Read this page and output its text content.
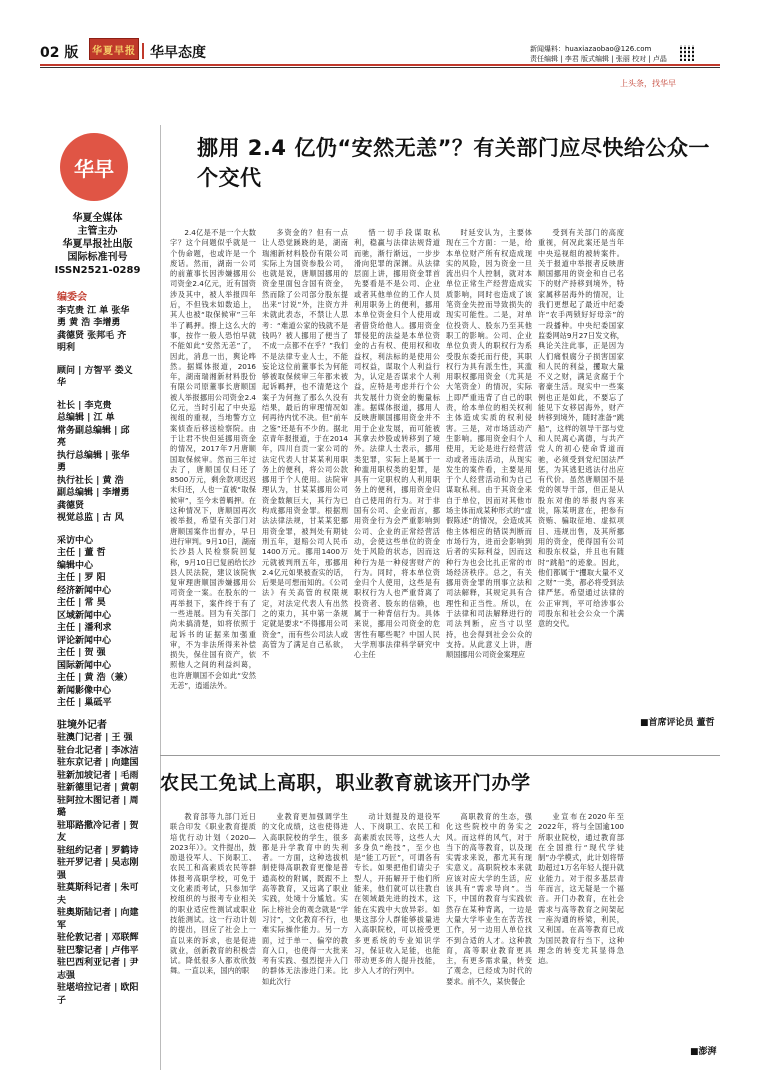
02 版	华夏早报 华早态度	新闻爆料：huaxiazaobao@126.com
责任编辑 | 李君 版式编辑 | 张丽 校对 | 卢晶
上头条，找华早
华早
华夏全媒体
主管主办
华夏早报社出版
国际标准刊号
ISSN2521-0289
编委会
李克贵 江 单 张华
勇 黄 浩 李增勇
龚德贤 张邦毛 齐
明利
顾问 | 方智平 娄义
华
社长 | 李克贵
总编辑 | 江 单
常务副总编辑 | 邱
亮
执行总编辑 | 张华
勇
执行社长 | 黄 浩
副总编辑 | 李增勇
龚德贤
视觉总监 | 古 风
采访中心
主任 | 董 哲
编辑中心
主任 | 罗 阳
经济新闻中心
主任 | 常 昊
区域新闻中心
主任 | 潘利求
评论新闻中心
主任 | 贺 强
国际新闻中心
主任 | 黄 浩（兼）
新闻影像中心
主任 | 巢砥平
驻境外记者
驻澳门记者 | 王 强
驻台北记者 | 李冰洁
驻东京记者 | 向建国
驻新加坡记者 | 毛雨
驻新德里记者 | 黄朝
驻阿拉木图记者 | 周
璐
驻耶路撒冷记者 | 贺
友
驻纽约记者 | 罗鹤诗
驻开罗记者 | 吴志刚
强
驻莫斯科记者 | 朱可
夫
驻奥斯陆记者 | 向建
军
驻伦敦记者 | 邓联辉
驻巴黎记者 | 卢伟平
驻巴西利亚记者 | 尹
志强
驻堪培拉记者 | 欧阳
子
挪用 2.4 亿仍“安然无恙”？有关部门应尽快给公众一个交代

2.4亿是不是一个大数字？这个问题似乎就是一个伪命题，也或许是一个废话。然而，湖南一公司的前董事长因涉嫌挪用公司资金2.4亿元，近有国资涉及其中，被人举报四年后，不但钱未如数追上，其人也被“取保候审”三年半了羁押。擦上这么大的事，按作一般人恐怕早就不能如此“安然无恙”了，因此，消息一出，舆论哗然。据媒体报道，2016年，湖南瑞湘新材料股份有限公司原董事长唐顺国被人举报挪用公司资金2.4亿元，当时引起了中央巡视组的重视，当地警方立案侦查后移送检察院。由于让君不快但延挪用资金的情况，2017年7月唐顺国取保候审。然而三年过去了，唐顺国仅归还了8500万元，剩余款项迟迟未归还，人也一直被“取保候审”，至今未曾羁押。在这种情况下，唐顺国再次被举报，希望有关部门对唐顺国案作出督办，早日进行审判。9月10日，湖南长沙县人民检察院回复称，9月10日已复函给长沙县人民法院，建议该院恢复审理唐顺国涉嫌挪用公司资金一案。在股东的一再举报下，案件终于有了一些进展。回为有关部门尚未搞清楚，如将依照于起诉书的证据来加强重审，不为非法所得来补偿损失，保住国有资产，依照他人之间的利益纠葛，也许唐顺国不会如此“安然无恙”，逍遥法外。

多资金的？但有一点让人恐觉蹊跷的是，湖南瑞湘新材料股份有限公司实际上为国资参股公司，也就是说，唐顺国挪用的资金里面包含国有资金，然而除了公司部分股东提出来“讨说”外，注资方并未就此表态，不禁让人思考：“难道公家的钱就不是钱吗？被人挪用了便当了不成一点都不在乎？”我们不是法律专业人士，不能妄论这位前董事长为何能够被取保候审三年都未被起诉羁押，也不清楚这个案子为何拖了那么久没有结果，最后的审理情况如何再待内忧不决。但“前车之鉴”还是有不少的。据北京青年报报道，于在2014年，四川自贡一家公司的法定代表人甘某某利用职务上的便利，将公司公款挪用于个人使用。法院审理认为，甘某某挪用公司资金数额巨大，其行为已构成挪用资金罪。根据刑法法律法规，甘某某犯挪用资金罪，被判处有期徒刑五年，退赔公司人民币1400万元。挪用1400万元就被判刑五年，那挪用2.4亿元如果被查实的话，后果是可想而知的。《公司法》有关高管的权限规定，对法定代表人有出然之的束力，其中第一条规定就是要求“不得挪用公司资金”，而有些公司法人或高管为了满足自己私欲，不

惜一切手段谋取私利，稳赢与法律法规背道而驰，渐行渐远，一步步滑向犯罪的深渊。从法律层面上讲，挪用资金罪首先要看是不是公司、企业或者其他单位的工作人员利用职务上的便利，挪用本单位资金归个人使用或者借贷给他人。挪用资金罪侵犯的法益是本单位资金的占有权、使用权和收益权，利法标的是使用公司权益，谋取个人利益行为，认定是否谋求个人利益，应特是考虑并行个公共发展什力资金的衡量标准。据媒体报道，挪用人反映唐顺国挪用资金并不用于企业发展，而可能被其拿去炒股或转移到了境外。法律人士表示，挪用类犯罪，实际上是属于一种滥用职权类的犯罪，是具有一定职权的人利用职务上的便利，挪用资金归自己使用的行为。对于非国有公司、企业而言，挪用资金行为会严重影响到公司、企业的正常经营活动，会使这些单位的资金处于风险的状态，因而这种行为是一种侵害财产的行为。同时，将本单位资金归个人使用，这些是有职权行为人也严重背离了投资者、股东的信赖，也属于一种背信行为。具体来说，挪用公司资金的危害性有哪些呢？中国人民大学刑事法律科学研究中心主任

时延安认为，主要体现在三个方面：一是，给本单位财产所有权造成现实的风险，因为资金一旦流出归个人控制，就对本单位正常生产经营造成实质影响，同时也造成了该笔资金失控而导致损失的现实可能性。二是，对单位投资人、股东乃至其他职工的影响。公司、企业单位负责人的职权行为系受股东委托而行使，其职权行为具有派生性，其滥用职权挪用资金（尤其是大笔资金）的情况，实际上即严重违背了自己的职责，给本单位的相关权利主体造成实质的权利侵害。三是，对市场活动产生影响。挪用资金归个人使用，无论是进行经营活动或者违法活动，从现实发生的案件看，主要是用于个人经营活动和为自己谋取私利。由于其资金来自于单位，因而对其他市场主体而成某种形式的“虚假陈述”的情况，会造成其他主体相应的错误判断而市场行为，进而会影响到后者的实际利益，因而这种行为也会比扎正常的市场经济秩序。总之，有关挪用资金罪的刑事立法和司法解释，其规定具有合理性和正当性。所以，在于法律和司法解释进行的司法判断，应当寸以坚持，也会得到社会公众的支持。从此意义上讲，唐顺国挪用公司资金案理应

受到有关部门的高度重视，何况此案还是当年中央巡视组的被转案件。关于报道中举报者反映唐顺国挪用的资金和自己名下的财产持移到境外，特家属移居海外的情况，让我们更想起了最近中纪委许“农手两锁好好母亲”的一段播种。中央纪委国家监委网站9月27日发文称，典论关注此事，正是因为人们痛恨腐分子损害国家和人民的利益，攫取大量不义之财，满足贪腐于个奢豪生活。现实中一些案例也正是如此，不要忘了能见下女移居海外，财产转移到境外，随时准备“跳船”，这样的领导干部与党和人民离心离德，与共产党人的初心使命背道而驰，必须受到党纪国法严惩，为其逃犯逃法付出应有代价。虽然唐顺国不是党的领导干部，但正是从股东对他的举报内容来说，陈某明意在，把参有资贿、骗取征地、虚拟项目、违规出售，及其所挪用的资金，使得国有公司和股东权益，并且也有随时“跳船”的迹象。因此，他们都属于“攫取大量不义之财”一类，都必将受到法律严惩。希望通过法律的公正审判，平可给涉事公司股东和社会公众一个满意的交代。

■首席评论员 董哲
农民工免试上高职，职业教育就该开门办学

教育部等九部门近日联合印发《职业教育提质培优行动计划（2020—2023年）》。文件提出，鼓励退役军人、下岗职工、农民工和高素质农民等群体报考高职学校，可免于文化素质考试，只参加学校组织的与报考专业相关的职业适应性测试或职业技能测试。这一行动计划的提出，回应了社会上一直以来的诉求，也是促进就业，创新教育的积极尝试。降低很多人都欢欣鼓舞。一直以来，国内的职

业教育更加强调学生的文化成绩，这也使得进入高职院校的学生，很多都是升学教育中的失利者。一方面，这种选拔机制使得高职教育更像是普通高校的附属，既跟不上高等教育，又远离了职业实践，处境十分尴尬。实际上榜社会的观念就是“学习讨”，文化教育不行，也难实际操作能力。另一方面，过于单一、偏窄的教育入口，也使得一大批来考有实践、强烈提升入门的群体无法渗进门来。比如此次行

动计划提及的退役军人、下岗职工、农民工和高素质农民等，这些人大多身负“绝技”，至少也是“能工巧匠”，可谓各有专长。如果把他们请尖子型人，开拓解开于他们所能来，他们就可以往教自在领域最先进的技术，这能在实践中大放异彩。如果这部分人群能够拔量进入高职院校，可以接受更多更系统的专业知识学习，保证收入足能，也能带动更多的人提升技能，步入人才的行列中。

高职教育的生态，强化这些院校中的务实之风。而这样的风气，对于当下的高等教育，以及现实需求来说，都尤其有现实意义。高职院校本来就应该对应大学的生活，应该具有“需求导向”。当下，中国的教育与实践依然存在某种背离，一边是大量大学毕业生在苦苦找工作，另一边用人单位找不到合适的人才。这种教育，高等职业教育更具主，有更多需求量，转变了观念，已经成为时代的要求。前不久，某快餐企

业宣布在2020年至2022年，将与全国逾100所职业院校，通过教育部在全国推行“现代学徒制”办学模式，此计划将帮助超过1万名年轻人提升就业能力。对于很多基层青年而言，这无疑是一个福音。开门办教育，在社会需求与高等教育之间架起一座沟通的桥梁，利民，又利国。在高等教育已成为国民教育行当下，这种理念的转变尤其显得急迫。

■澎湃
